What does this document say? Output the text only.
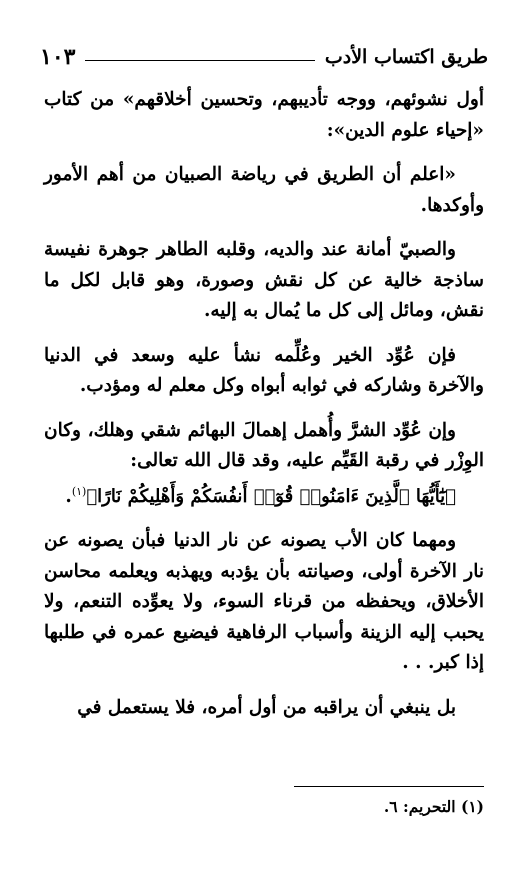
طريق اكتساب الأدب
١٠٣

أول نشوئهم، ووجه تأديبهم، وتحسين أخلاقهم» من كتاب «إحياء علوم الدين»:

«اعلم أن الطريق في رياضة الصبيان من أهم الأمور وأوكدها.

والصبيّ أمانة عند والديه، وقلبه الطاهر جوهرة نفيسة ساذجة خالية عن كل نقش وصورة، وهو قابل لكل ما نقش، ومائل إلى كل ما يُمال به إليه.

فإن عُوِّد الخير وعُلِّمه نشأ عليه وسعد في الدنيا والآخرة وشاركه في ثوابه أبواه وكل معلم له ومؤدب.

وإن عُوِّد الشرَّ وأُهمل إهمالَ البهائم شقي وهلك، وكان الوِزْر في رقبة القَيِّم عليه، وقد قال الله تعالى:

﴿يَٰٓأَيُّهَا ٱلَّذِينَ ءَامَنُوا۟ قُوٓا۟ أَنفُسَكُمْ وَأَهْلِيكُمْ نَارًا﴾$^{(١)}$.

ومهما كان الأب يصونه عن نار الدنيا فبأن يصونه عن نار الآخرة أولى، وصيانته بأن يؤدبه ويهذبه ويعلمه محاسن الأخلاق، ويحفظه من قرناء السوء، ولا يعوِّده التنعم، ولا يحبب إليه الزينة وأسباب الرفاهية فيضيع عمره في طلبها إذا كبر. . .

بل ينبغي أن يراقبه من أول أمره، فلا يستعمل في

(١) التحريم: ٦.
